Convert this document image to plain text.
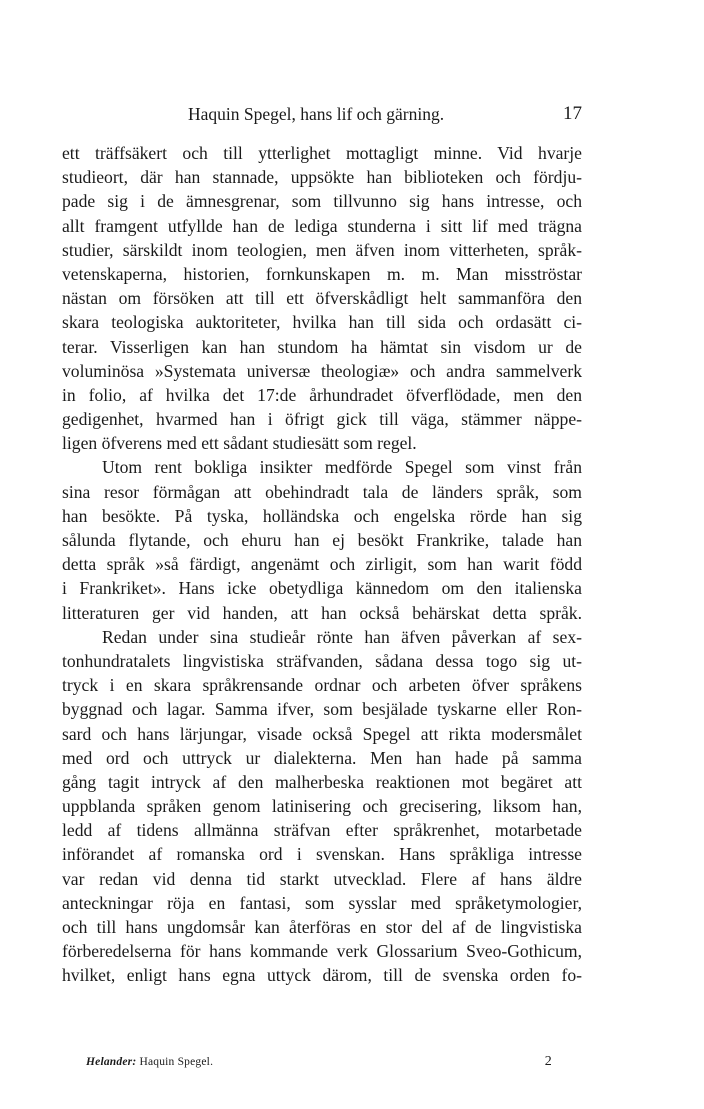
Haquin Spegel, hans lif och gärning.	17
ett träffsäkert och till ytterlighet mottagligt minne. Vid hvarje
studieort, där han stannade, uppsökte han biblioteken och fördju-
pade sig i de ämnesgrenar, som tillvunno sig hans intresse, och
allt framgent utfyllde han de lediga stunderna i sitt lif med trägna
studier, särskildt inom teologien, men äfven inom vitterheten, språk-
vetenskaperna, historien, fornkunskapen m. m. Man misströstar
nästan om försöken att till ett öfverskådligt helt sammanföra den
skara teologiska auktoriteter, hvilka han till sida och ordasätt ci-
terar. Visserligen kan han stundom ha hämtat sin visdom ur de
voluminösa »Systemata universæ theologiæ» och andra sammelverk
in folio, af hvilka det 17:de århundradet öfverflödade, men den
gedigenhet, hvarmed han i öfrigt gick till väga, stämmer näppe-
ligen öfverens med ett sådant studiesätt som regel.
Utom rent bokliga insikter medförde Spegel som vinst från
sina resor förmågan att obehindradt tala de länders språk, som
han besökte. På tyska, holländska och engelska rörde han sig
sålunda flytande, och ehuru han ej besökt Frankrike, talade han
detta språk »så färdigt, angenämt och zirligit, som han warit född
i Frankriket». Hans icke obetydliga kännedom om den italienska
litteraturen ger vid handen, att han också behärskat detta språk.
Redan under sina studieår rönte han äfven påverkan af sex-
tonhundratalets lingvistiska sträfvanden, sådana dessa togo sig ut-
tryck i en skara språkrensande ordnar och arbeten öfver språkens
byggnad och lagar. Samma ifver, som besjälade tyskarne eller Ron-
sard och hans lärjungar, visade också Spegel att rikta modersmålet
med ord och uttryck ur dialekterna. Men han hade på samma
gång tagit intryck af den malherbeska reaktionen mot begäret att
uppblanda språken genom latinisering och grecisering, liksom han,
ledd af tidens allmänna sträfvan efter språkrenhet, motarbetade
införandet af romanska ord i svenskan. Hans språkliga intresse
var redan vid denna tid starkt utvecklad. Flere af hans äldre
anteckningar röja en fantasi, som sysslar med språketymologier,
och till hans ungdomsår kan återföras en stor del af de lingvistiska
förberedelserna för hans kommande verk Glossarium Sveo-Gothicum,
hvilket, enligt hans egna uttyck därom, till de svenska orden fo-
Helander: Haquin Spegel.	2
